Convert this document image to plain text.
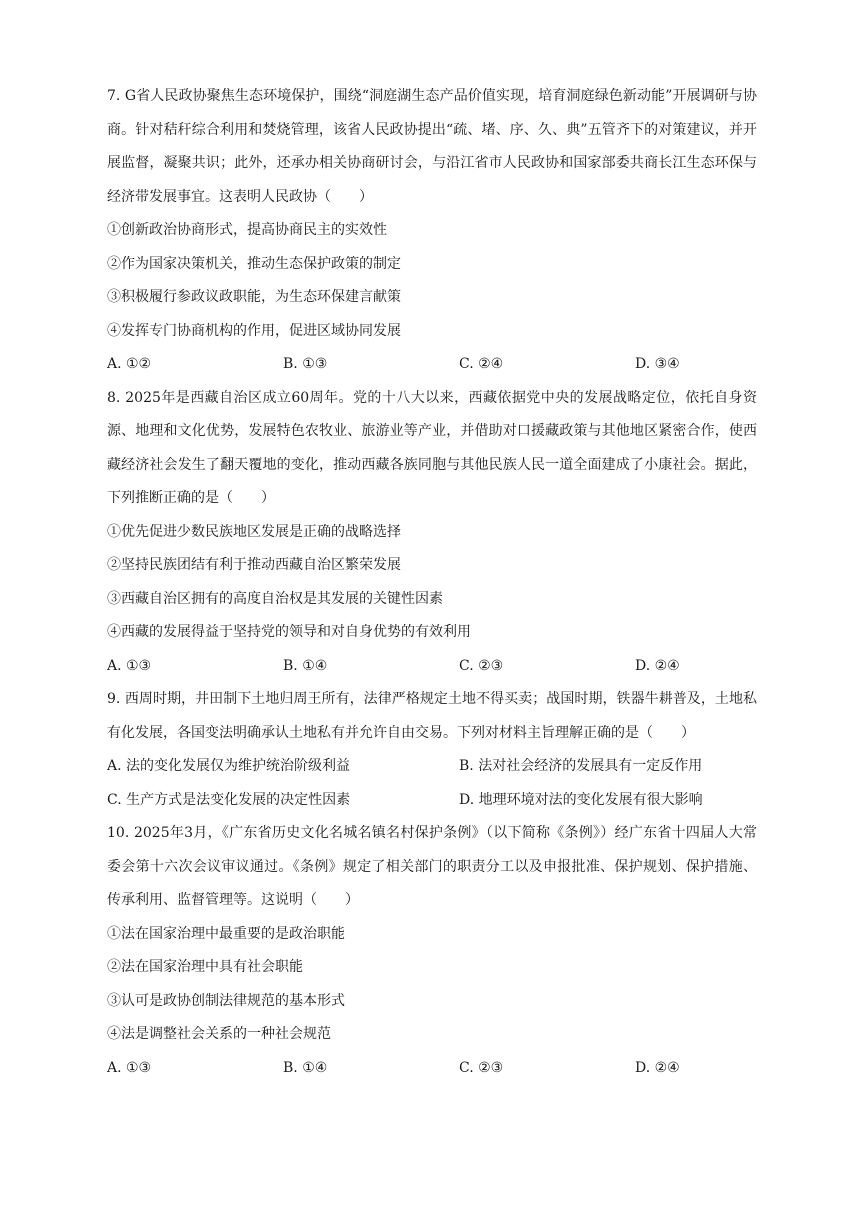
7. G省人民政协聚焦生态环境保护，围绕“洞庭湖生态产品价值实现，培育洞庭绿色新动能”开展调研与协商。针对秸秆综合利用和焚烧管理，该省人民政协提出“疏、堵、序、久、典”五管齐下的对策建议，并开展监督，凝聚共识；此外，还承办相关协商研讨会，与沿江省市人民政协和国家部委共商长江生态环保与经济带发展事宜。这表明人民政协（　　）

①创新政治协商形式，提高协商民主的实效性

②作为国家决策机关，推动生态保护政策的制定

③积极履行参政议政职能，为生态环保建言献策

④发挥专门协商机构的作用，促进区域协同发展

A. ①②	B. ①③	C. ②④	D. ③④

8. 2025年是西藏自治区成立60周年。党的十八大以来，西藏依据党中央的发展战略定位，依托自身资源、地理和文化优势，发展特色农牧业、旅游业等产业，并借助对口援藏政策与其他地区紧密合作，使西藏经济社会发生了翻天覆地的变化，推动西藏各族同胞与其他民族人民一道全面建成了小康社会。据此，下列推断正确的是（　　）

①优先促进少数民族地区发展是正确的战略选择

②坚持民族团结有利于推动西藏自治区繁荣发展

③西藏自治区拥有的高度自治权是其发展的关键性因素

④西藏的发展得益于坚持党的领导和对自身优势的有效利用

A. ①③	B. ①④	C. ②③	D. ②④

9. 西周时期，井田制下土地归周王所有，法律严格规定土地不得买卖；战国时期，铁器牛耕普及，土地私有化发展，各国变法明确承认土地私有并允许自由交易。下列对材料主旨理解正确的是（　　）

A. 法的变化发展仅为维护统治阶级利益	B. 法对社会经济的发展具有一定反作用
C. 生产方式是法变化发展的决定性因素	D. 地理环境对法的变化发展有很大影响

10. 2025年3月，《广东省历史文化名城名镇名村保护条例》（以下简称《条例》）经广东省十四届人大常委会第十六次会议审议通过。《条例》规定了相关部门的职责分工以及申报批准、保护规划、保护措施、传承利用、监督管理等。这说明（　　）

①法在国家治理中最重要的是政治职能

②法在国家治理中具有社会职能

③认可是政协创制法律规范的基本形式

④法是调整社会关系的一种社会规范

A. ①③	B. ①④	C. ②③	D. ②④
